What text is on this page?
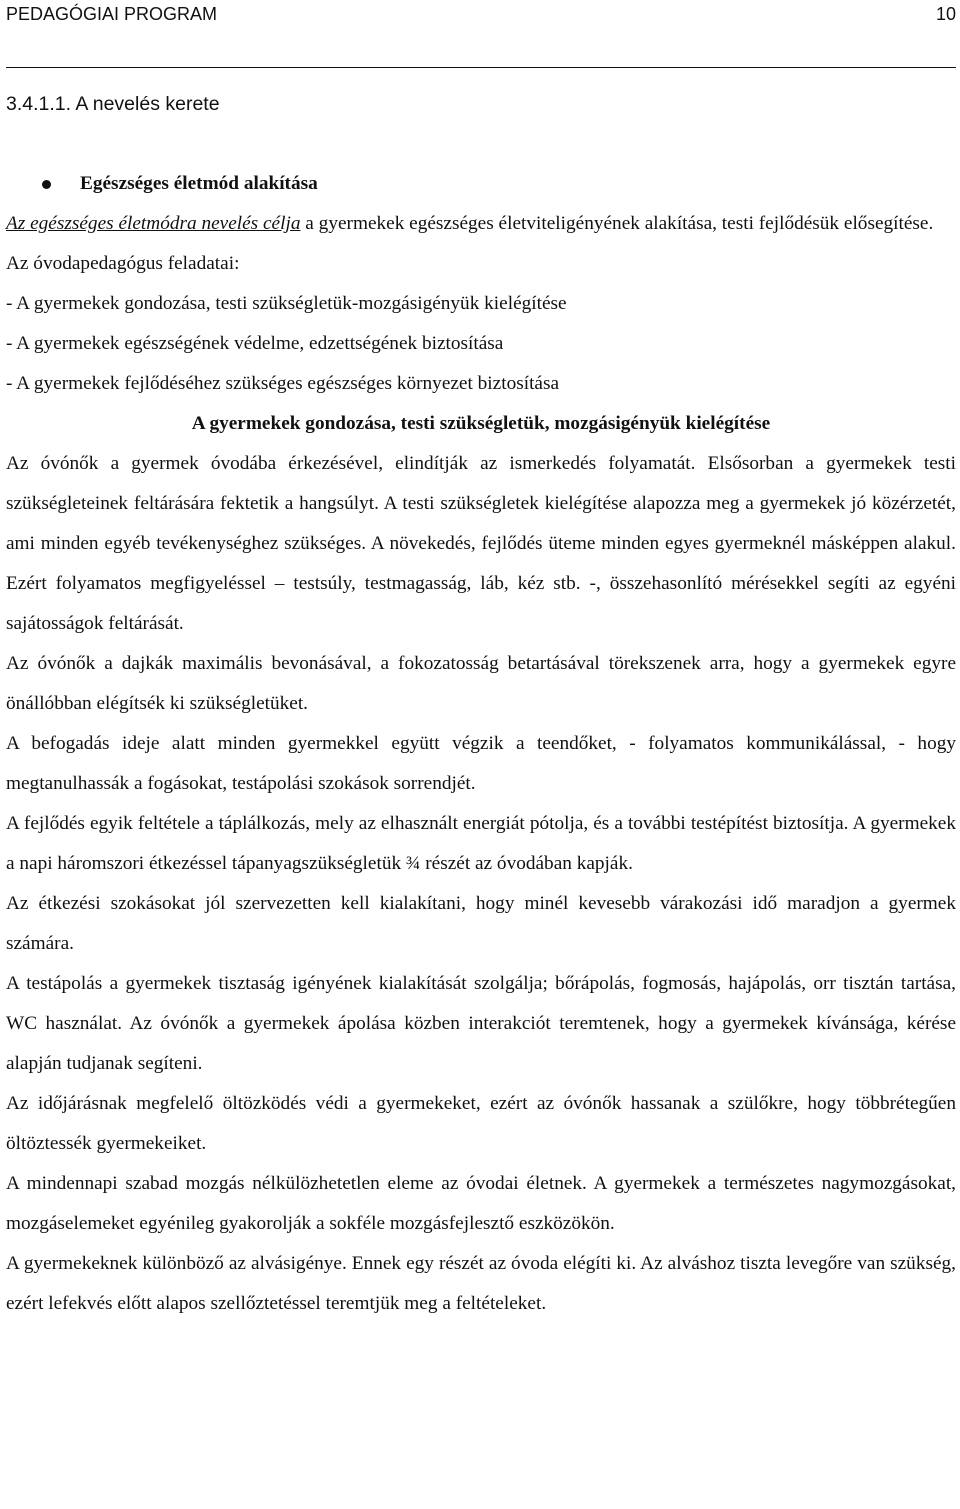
PEDAGÓGIAI PROGRAM	10
3.4.1.1. A nevelés kerete
Egészséges életmód alakítása

Az egészséges életmódra nevelés célja a gyermekek egészséges életviteligényének alakítása, testi fejlődésük elősegítése.

Az óvodapedagógus feladatai:

- A gyermekek gondozása, testi szükségletük-mozgásigényük kielégítése

- A gyermekek egészségének védelme, edzettségének biztosítása

- A gyermekek fejlődéséhez szükséges egészséges környezet biztosítása

A gyermekek gondozása, testi szükségletük, mozgásigényük kielégítése

Az óvónők a gyermek óvodába érkezésével, elindítják az ismerkedés folyamatát. Elsősorban a gyermekek testi szükségleteinek feltárására fektetik a hangsúlyt. A testi szükségletek kielégítése alapozza meg a gyermekek jó közérzetét, ami minden egyéb tevékenységhez szükséges. A növekedés, fejlődés üteme minden egyes gyermeknél másképpen alakul. Ezért folyamatos megfigyeléssel – testsúly, testmagasság, láb, kéz stb. -, összehasonlító mérésekkel segíti az egyéni sajátosságok feltárását.

Az óvónők a dajkák maximális bevonásával, a fokozatosság betartásával törekszenek arra, hogy a gyermekek egyre önállóbban elégítsék ki szükségletüket.

A befogadás ideje alatt minden gyermekkel együtt végzik a teendőket, - folyamatos kommunikálással, - hogy megtanulhassák a fogásokat, testápolási szokások sorrendjét.

A fejlődés egyik feltétele a táplálkozás, mely az elhasznált energiát pótolja, és a további testépítést biztosítja. A gyermekek a napi háromszori étkezéssel tápanyagszükségletük ¾ részét az óvodában kapják.

Az étkezési szokásokat jól szervezetten kell kialakítani, hogy minél kevesebb várakozási idő maradjon a gyermek számára.

A testápolás a gyermekek tisztaság igényének kialakítását szolgálja; bőrápolás, fogmosás, hajápolás, orr tisztán tartása, WC használat. Az óvónők a gyermekek ápolása közben interakciót teremtenek, hogy a gyermekek kívánsága, kérése alapján tudjanak segíteni.

Az időjárásnak megfelelő öltözködés védi a gyermekeket, ezért az óvónők hassanak a szülőkre, hogy többrétegűen öltöztessék gyermekeiket.

A mindennapi szabad mozgás nélkülözhetetlen eleme az óvodai életnek. A gyermekek a természetes nagymozgásokat, mozgáselemeket egyénileg gyakorolják a sokféle mozgásfejlesztő eszközökön.

A gyermekeknek különböző az alvásigénye. Ennek egy részét az óvoda elégíti ki. Az alváshoz tiszta levegőre van szükség, ezért lefekvés előtt alapos szellőztetéssel teremtjük meg a feltételeket.
